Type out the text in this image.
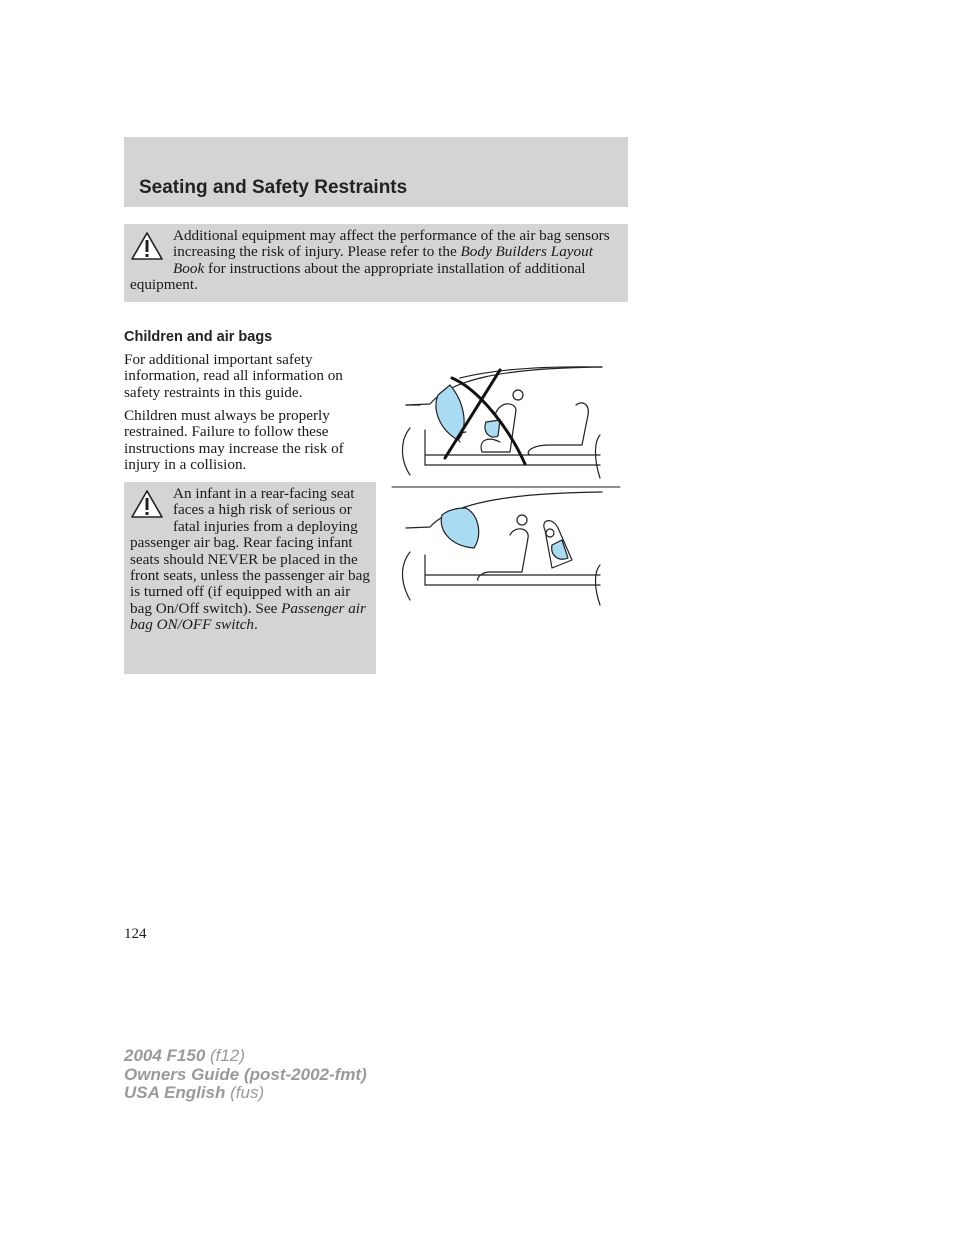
Seating and Safety Restraints

Additional equipment may affect the performance of the air bag sensors increasing the risk of injury. Please refer to the Body Builders Layout Book for instructions about the appropriate installation of additional equipment.

Children and air bags

For additional important safety information, read all information on safety restraints in this guide.

Children must always be properly restrained. Failure to follow these instructions may increase the risk of injury in a collision.

An infant in a rear-facing seat faces a high risk of serious or fatal injuries from a deploying passenger air bag. Rear facing infant seats should NEVER be placed in the front seats, unless the passenger air bag is turned off (if equipped with an air bag On/Off switch). See Passenger air bag ON/OFF switch.

124
2004 F150 (f12)
Owners Guide (post-2002-fmt)
USA English (fus)
